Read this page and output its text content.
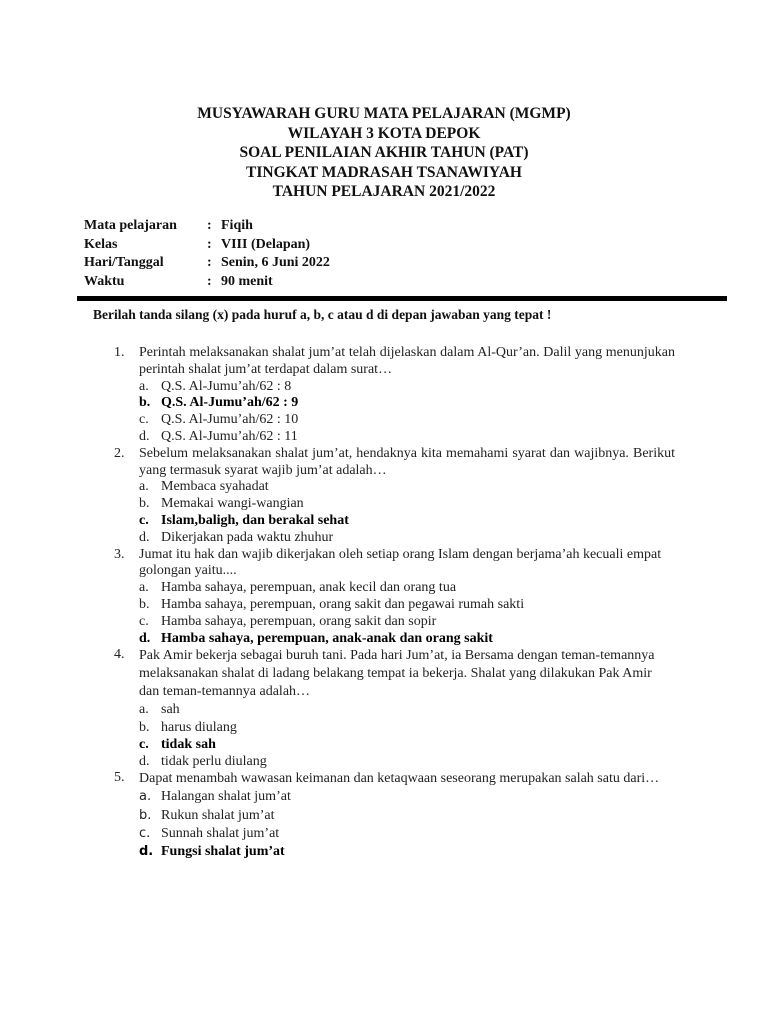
MUSYAWARAH GURU MATA PELAJARAN (MGMP)
WILAYAH 3 KOTA DEPOK
SOAL PENILAIAN AKHIR TAHUN (PAT)
TINGKAT MADRASAH TSANAWIYAH
TAHUN PELAJARAN 2021/2022
Mata pelajaran	: Fiqih
Kelas	: VIII (Delapan)
Hari/Tanggal	: Senin, 6 Juni 2022
Waktu	: 90 menit
Berilah tanda silang (x) pada huruf a, b, c atau d di depan jawaban yang tepat !
1.	Perintah melaksanakan shalat jum’at telah dijelaskan dalam Al-Qur’an. Dalil yang menunjukan perintah shalat jum’at terdapat dalam surat…
a. Q.S. Al-Jumu’ah/62 : 8
b. Q.S. Al-Jumu’ah/62 : 9
c. Q.S. Al-Jumu’ah/62 : 10
d. Q.S. Al-Jumu’ah/62 : 11
2.	Sebelum melaksanakan shalat jum’at, hendaknya kita memahami syarat dan wajibnya. Berikut yang termasuk syarat wajib jum’at adalah…
a. Membaca syahadat
b. Memakai wangi-wangian
c. Islam,baligh, dan berakal sehat
d. Dikerjakan pada waktu zhuhur
3.	Jumat itu hak dan wajib dikerjakan oleh setiap orang Islam dengan berjama’ah kecuali empat golongan yaitu....
a. Hamba sahaya, perempuan, anak kecil dan orang tua
b. Hamba sahaya, perempuan, orang sakit dan pegawai rumah sakti
c. Hamba sahaya, perempuan, orang sakit dan sopir
d. Hamba sahaya, perempuan, anak-anak dan orang sakit
4.	Pak Amir bekerja sebagai buruh tani. Pada hari Jum’at, ia Bersama dengan teman-temannya melaksanakan shalat di ladang belakang tempat ia bekerja. Shalat yang dilakukan Pak Amir dan teman-temannya adalah…
a. sah
b. harus diulang
c. tidak sah
d. tidak perlu diulang
5.	Dapat menambah wawasan keimanan dan ketaqwaan seseorang merupakan salah satu dari…
a. Halangan shalat jum’at
b. Rukun shalat jum’at
c. Sunnah shalat jum’at
d. Fungsi shalat jum’at
